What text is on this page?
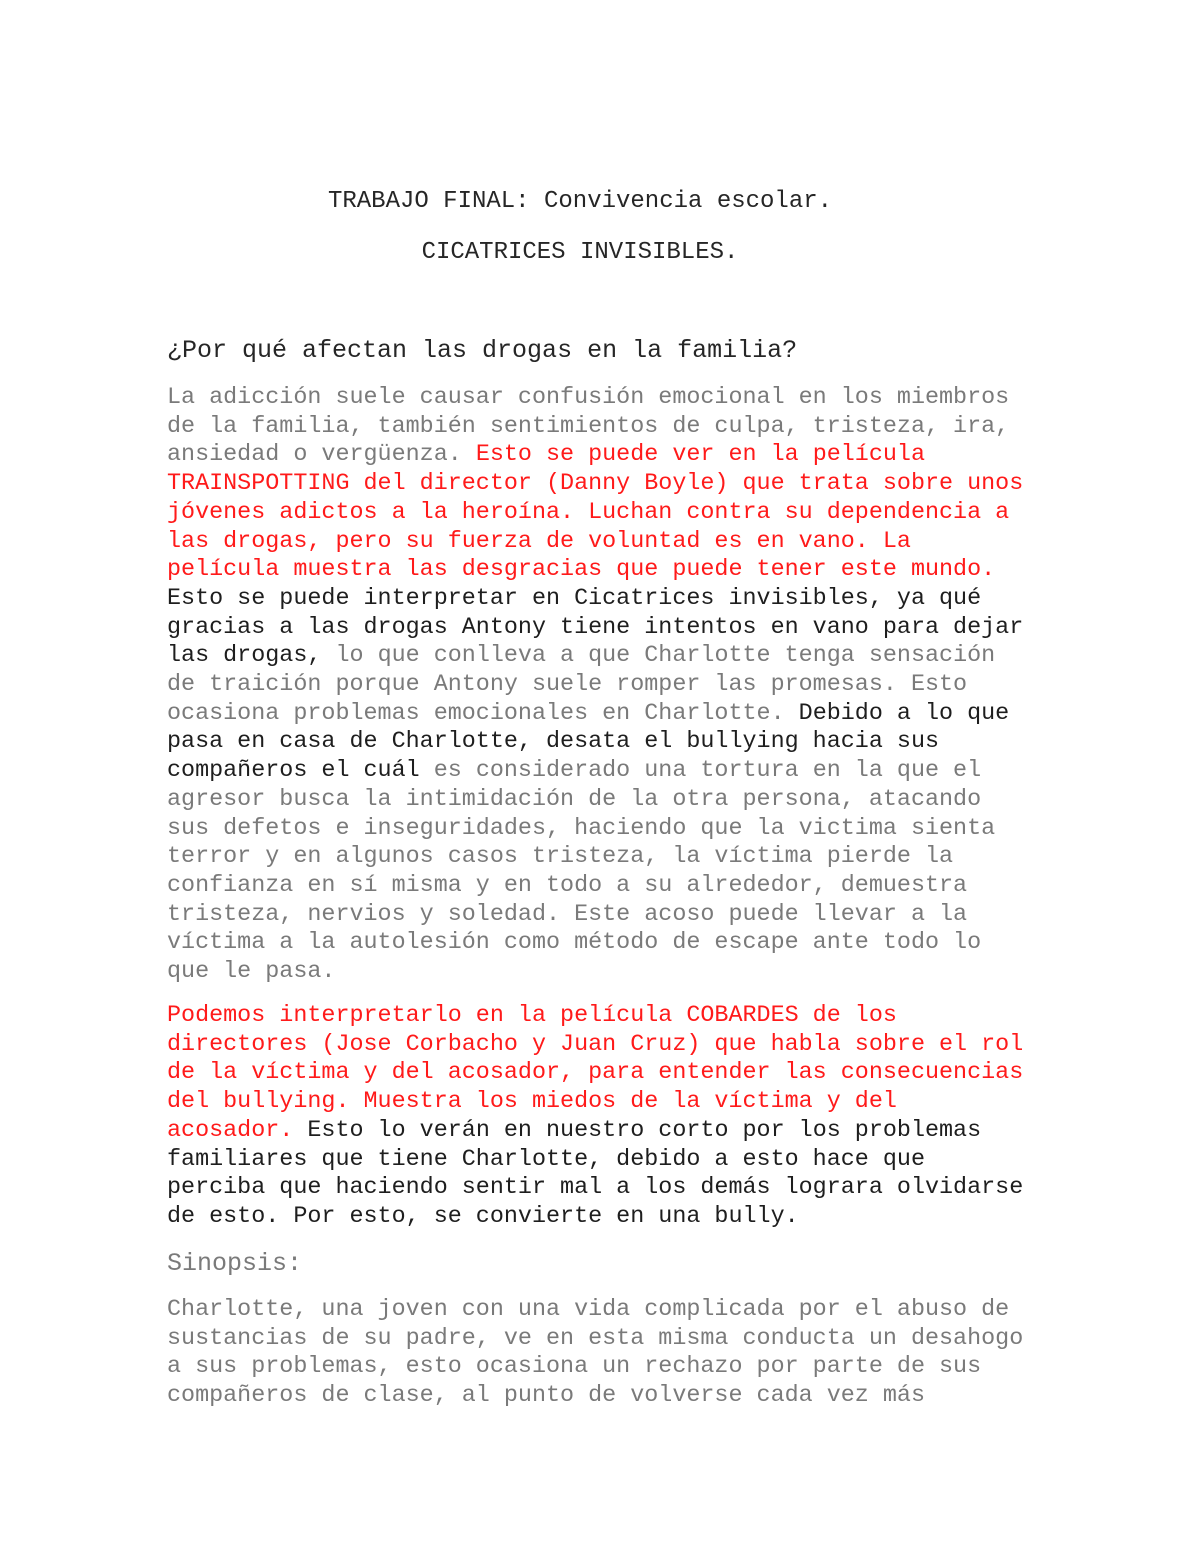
TRABAJO FINAL: Convivencia escolar.

CICATRICES INVISIBLES.

¿Por qué afectan las drogas en la familia?

La adicción suele causar confusión emocional en los miembros
de la familia, también sentimientos de culpa, tristeza, ira,
ansiedad o vergüenza. Esto se puede ver en la película
TRAINSPOTTING del director (Danny Boyle) que trata sobre unos
jóvenes adictos a la heroína. Luchan contra su dependencia a
las drogas, pero su fuerza de voluntad es en vano. La
película muestra las desgracias que puede tener este mundo.
Esto se puede interpretar en Cicatrices invisibles, ya qué
gracias a las drogas Antony tiene intentos en vano para dejar
las drogas, lo que conlleva a que Charlotte tenga sensación
de traición porque Antony suele romper las promesas. Esto
ocasiona problemas emocionales en Charlotte. Debido a lo que
pasa en casa de Charlotte, desata el bullying hacia sus
compañeros el cuál es considerado una tortura en la que el
agresor busca la intimidación de la otra persona, atacando
sus defetos e inseguridades, haciendo que la victima sienta
terror y en algunos casos tristeza, la víctima pierde la
confianza en sí misma y en todo a su alrededor, demuestra
tristeza, nervios y soledad. Este acoso puede llevar a la
víctima a la autolesión como método de escape ante todo lo
que le pasa.
Podemos interpretarlo en la película COBARDES de los
directores (Jose Corbacho y Juan Cruz) que habla sobre el rol
de la víctima y del acosador, para entender las consecuencias
del bullying. Muestra los miedos de la víctima y del
acosador. Esto lo verán en nuestro corto por los problemas
familiares que tiene Charlotte, debido a esto hace que
perciba que haciendo sentir mal a los demás lograra olvidarse
de esto. Por esto, se convierte en una bully.

Sinopsis:

Charlotte, una joven con una vida complicada por el abuso de
sustancias de su padre, ve en esta misma conducta un desahogo
a sus problemas, esto ocasiona un rechazo por parte de sus
compañeros de clase, al punto de volverse cada vez más
